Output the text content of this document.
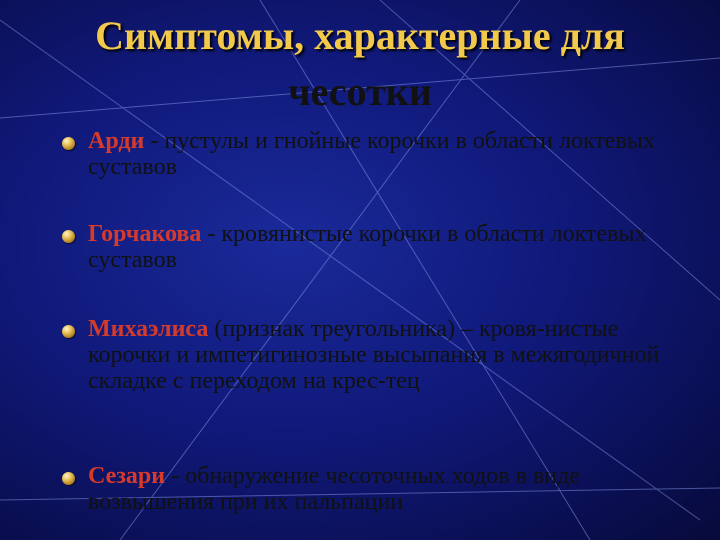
Симптомы, характерные для
чесотки
Арди - пустулы и гнойные корочки в области локтевых суставов
Горчакова - кровянистые корочки в области локтевых суставов
Михаэлиса (признак треугольника) – кровя-нистые корочки и импетигинозные высыпания в межягодичной складке с переходом на крес-тец
Сезари - обнаружение чесоточных ходов в виде возвышения при их пальпации
